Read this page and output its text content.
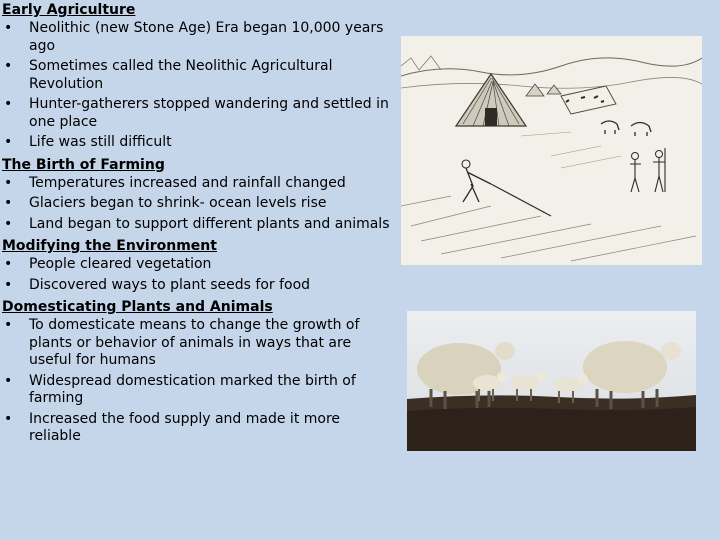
Early Agriculture
• Neolithic (new Stone Age) Era began 10,000 years ago
• Sometimes called the Neolithic Agricultural Revolution
• Hunter-gatherers stopped wandering and settled in one place
• Life was still difficult
The Birth of Farming
• Temperatures increased and rainfall changed
• Glaciers began to shrink- ocean levels rise
• Land began to support different plants and animals
Modifying the Environment
• People cleared vegetation
• Discovered ways to plant seeds for food
Domesticating Plants and Animals
• To domesticate means to change the growth of plants or behavior of animals in ways that are useful for humans
• Widespread domestication marked the birth of farming
• Increased the food supply and made it more reliable
